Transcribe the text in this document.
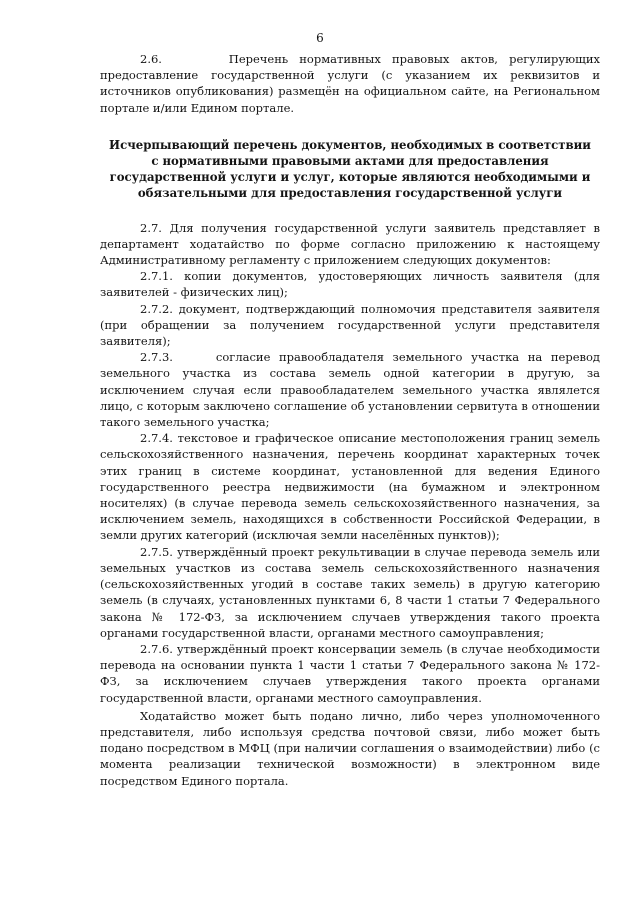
6

2.6.      Перечень нормативных правовых актов, регулирующих предоставление государственной услуги (с указанием их реквизитов и источников опубликования) размещён на официальном сайте, на Региональном портале и/или Едином портале.

Исчерпывающий перечень документов, необходимых в соответствии с нормативными правовыми актами для предоставления государственной услуги и услуг, которые являются необходимыми и обязательными для предоставления государственной услуги

2.7. Для получения государственной услуги заявитель представляет в департамент ходатайство по форме согласно приложению к настоящему Административному регламенту с приложением следующих документов:

2.7.1. копии документов, удостоверяющих личность заявителя (для заявителей - физических лиц);

2.7.2. документ, подтверждающий полномочия представителя заявителя (при обращении за получением государственной услуги представителя заявителя);

2.7.3.     согласие правообладателя земельного участка на перевод земельного участка из состава земель одной категории в другую, за исключением случая если правообладателем земельного участка являлется лицо, с которым заключено соглашение об установлении сервитута в отношении такого земельного участка;

2.7.4. текстовое и графическое описание местоположения границ земель сельскохозяйственного назначения, перечень координат характерных точек этих границ в системе координат, установленной для ведения Единого государственного реестра недвижимости (на бумажном и электронном носителях) (в случае перевода земель сельскохозяйственного назначения, за исключением земель, находящихся в собственности Российской Федерации, в земли других категорий (исключая земли населённых пунктов));

2.7.5. утверждённый проект рекультивации в случае перевода земель или земельных участков из состава земель сельскохозяйственного назначения (сельскохозяйственных угодий в составе таких земель) в другую категорию земель (в случаях, установленных пунктами 6, 8 части 1 статьи 7 Федерального закона № 172-ФЗ, за исключением случаев утверждения такого проекта органами государственной власти, органами местного самоуправления;

2.7.6. утверждённый проект консервации земель (в случае необходимости перевода на основании пункта 1 части 1 статьи 7 Федерального закона № 172-ФЗ, за исключением случаев утверждения такого проекта органами государственной власти, органами местного самоуправления.

Ходатайство может быть подано лично, либо через уполномоченного представителя, либо используя средства почтовой связи, либо может быть подано посредством в МФЦ (при наличии соглашения о взаимодействии) либо (с момента реализации технической возможности) в электронном виде посредством Единого портала.
